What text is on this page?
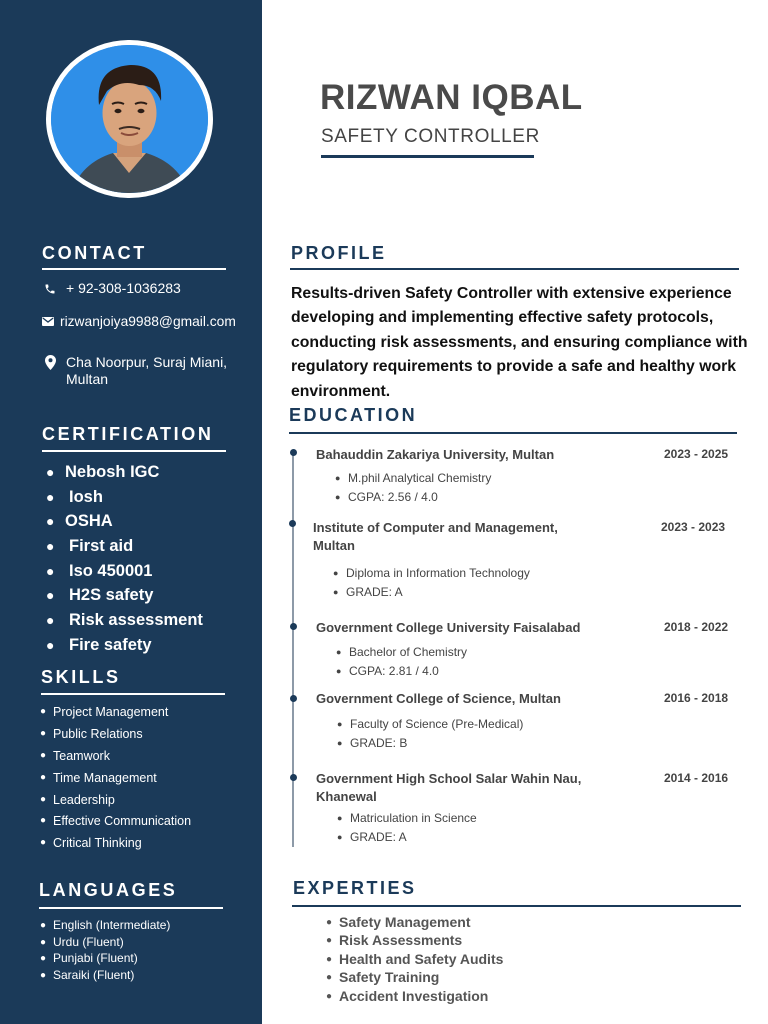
CONTACT
+ 92-308-1036283
rizwanjoiya9988@gmail.com
Cha Noorpur, Suraj Miani,
Multan
CERTIFICATION
● Nebosh IGC
● Iosh
● OSHA
● First aid
● Iso 450001
● H2S safety
● Risk assessment
● Fire safety
SKILLS
● Project Management
● Public Relations
● Teamwork
● Time Management
● Leadership
● Effective Communication
● Critical Thinking
LANGUAGES
● English (Intermediate)
● Urdu (Fluent)
● Punjabi (Fluent)
● Saraiki (Fluent)
RIZWAN IQBAL
SAFETY CONTROLLER
PROFILE

Results-driven Safety Controller with extensive experience developing and implementing effective safety protocols, conducting risk assessments, and ensuring compliance with regulatory requirements to provide a safe and healthy work environment.

EDUCATION
Bahauddin Zakariya University, Multan	2023 - 2025
● M.phil Analytical Chemistry
● CGPA: 2.56 / 4.0
Institute of Computer and Management, Multan
2023 - 2023
● Diploma in Information Technology
● GRADE: A
Government College University Faisalabad	2018 - 2022
● Bachelor of Chemistry
● CGPA: 2.81 / 4.0
Government College of Science, Multan	2016 - 2018
● Faculty of Science (Pre-Medical)
● GRADE: B
Government High School Salar Wahin Nau, Khanewal
2014 - 2016
● Matriculation in Science
● GRADE: A
EXPERTIES
● Safety Management
● Risk Assessments
● Health and Safety Audits
● Safety Training
● Accident Investigation
